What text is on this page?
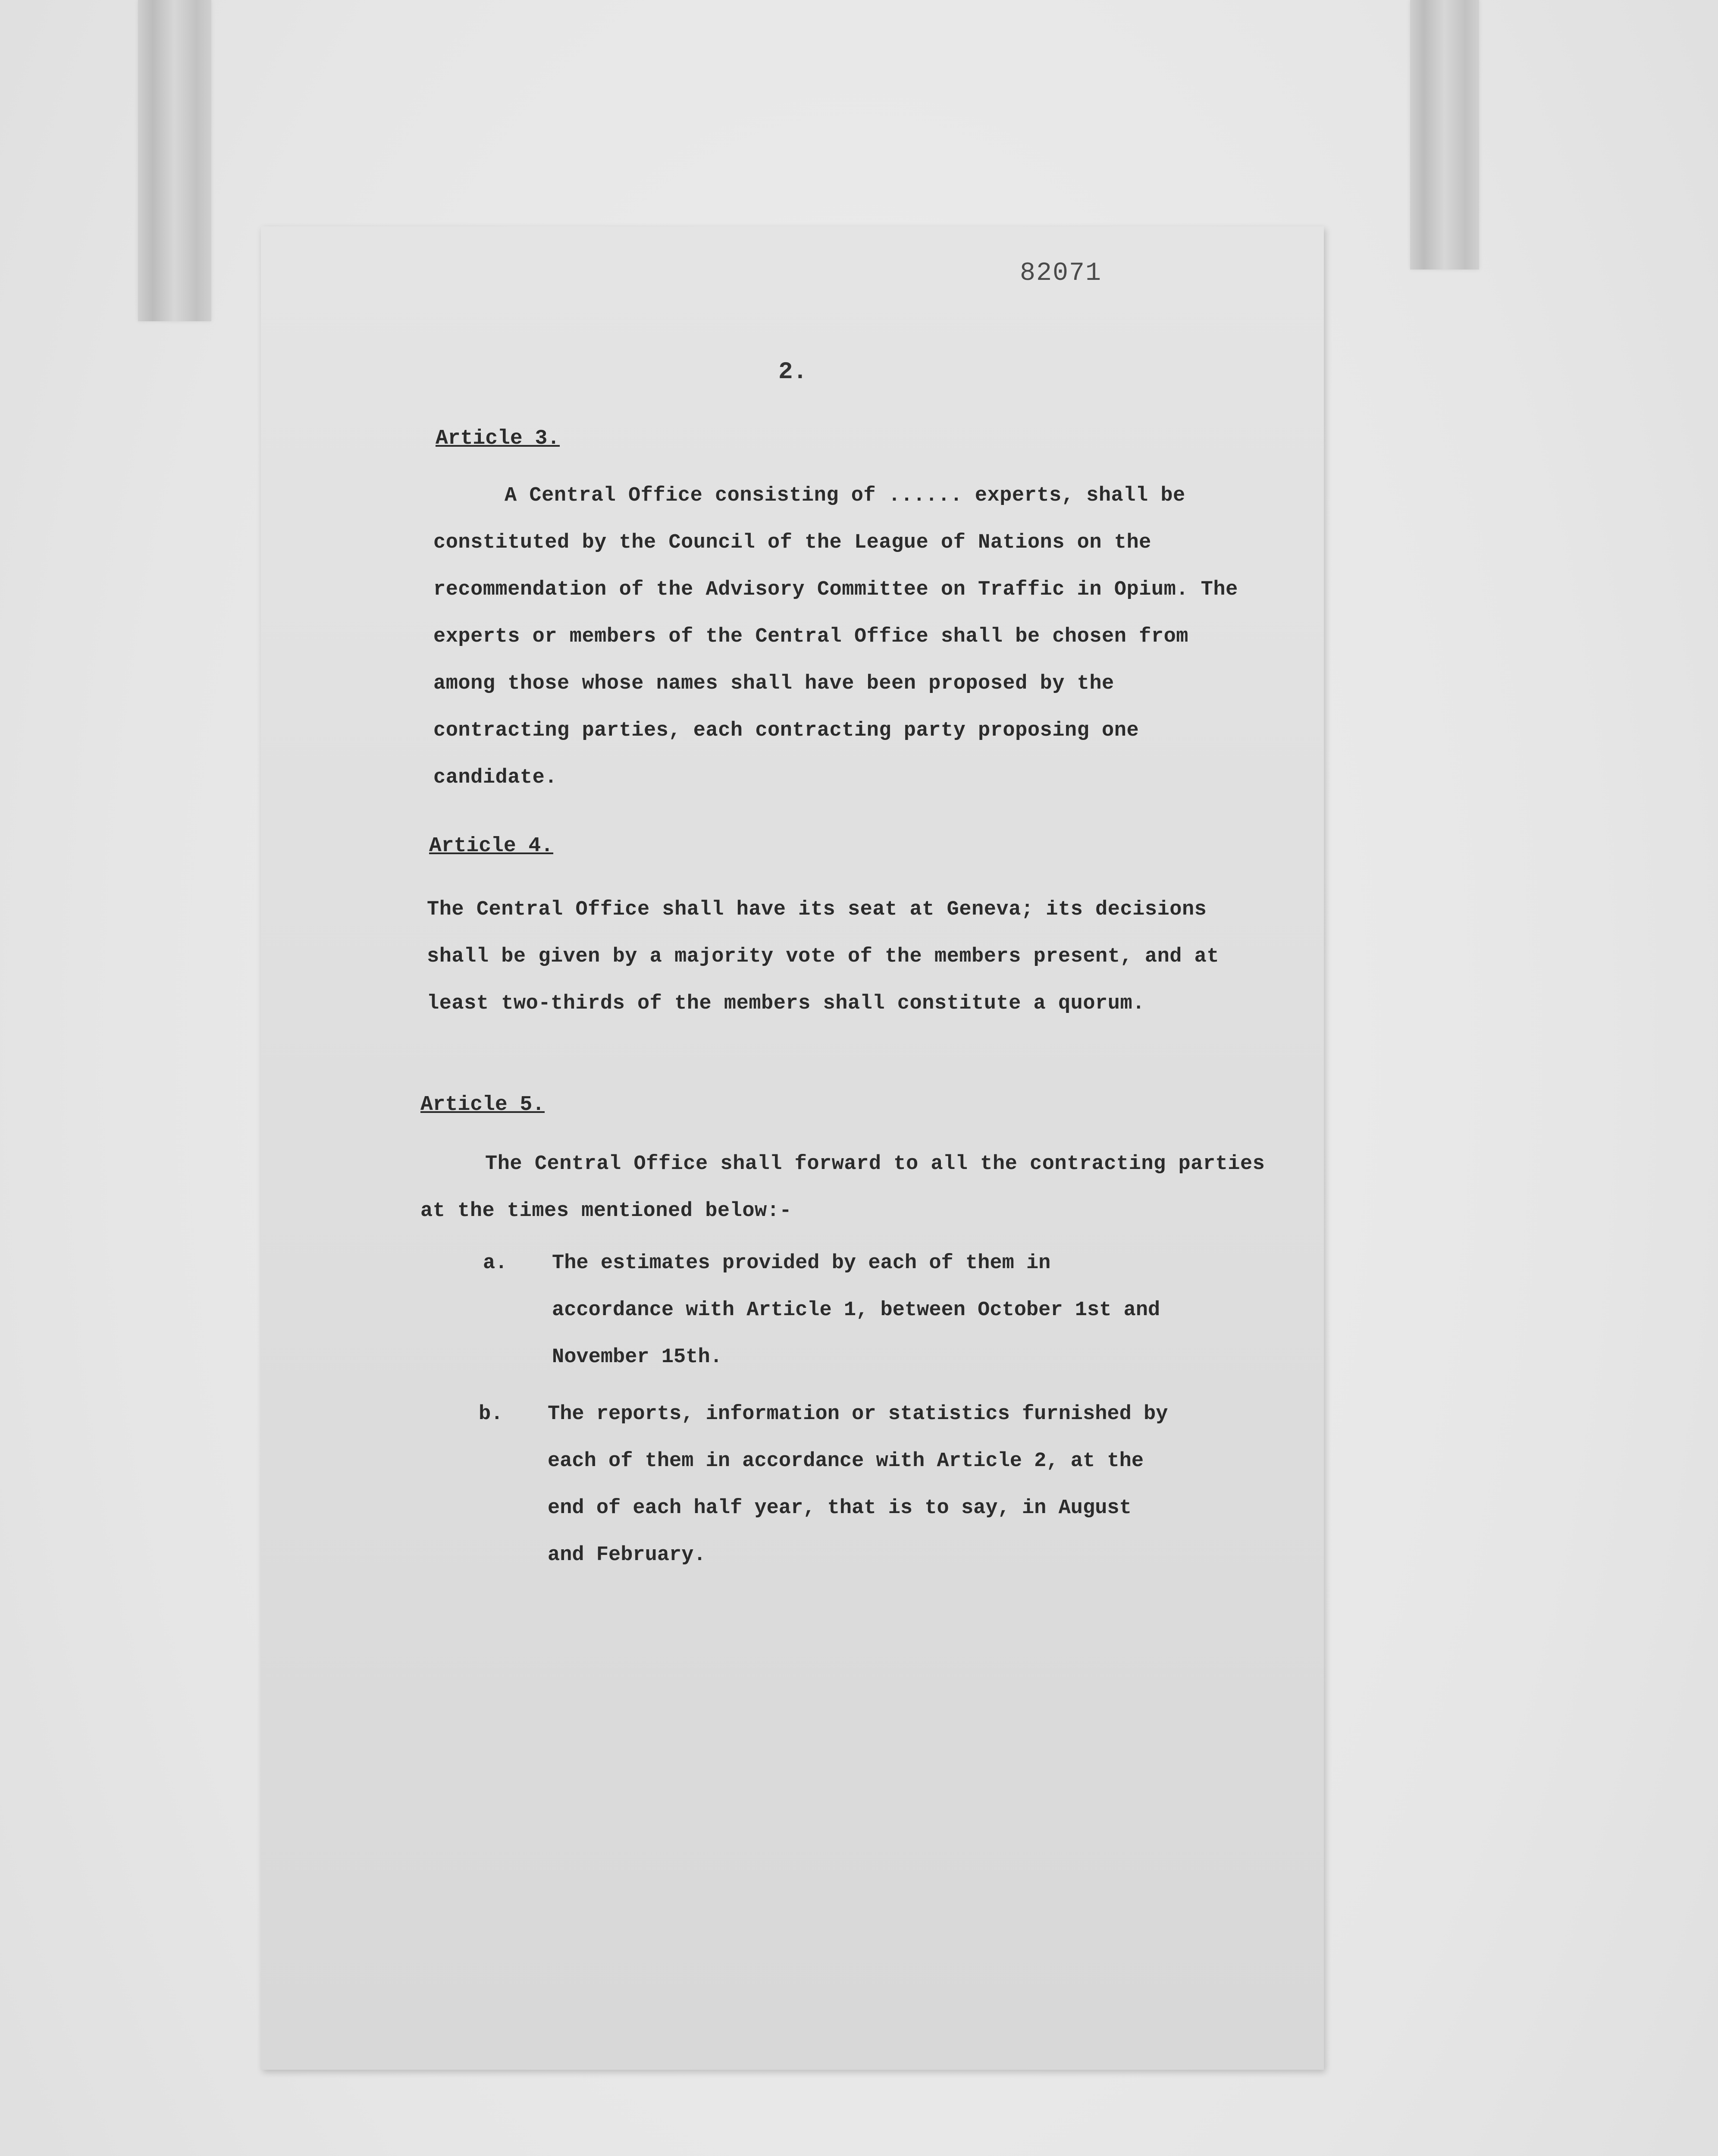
82071
2.
Article 3.
A Central Office consisting of ...... experts, shall be constituted by the Council of the League of Nations on the recommendation of the Advisory Committee on Traffic in Opium. The experts or members of the Central Office shall be chosen from among those whose names shall have been proposed by the contracting parties, each contracting party proposing one candidate.
Article 4.
The Central Office shall have its seat at Geneva; its decisions shall be given by a majority vote of the members present, and at least two-thirds of the members shall constitute a quorum.
Article 5.
The Central Office shall forward to all the contracting parties at the times mentioned below:-
a. The estimates provided by each of them in accordance with Article 1, between October 1st and November 15th.
b. The reports, information or statistics furnished by each of them in accordance with Article 2, at the end of each half year, that is to say, in August and February.
